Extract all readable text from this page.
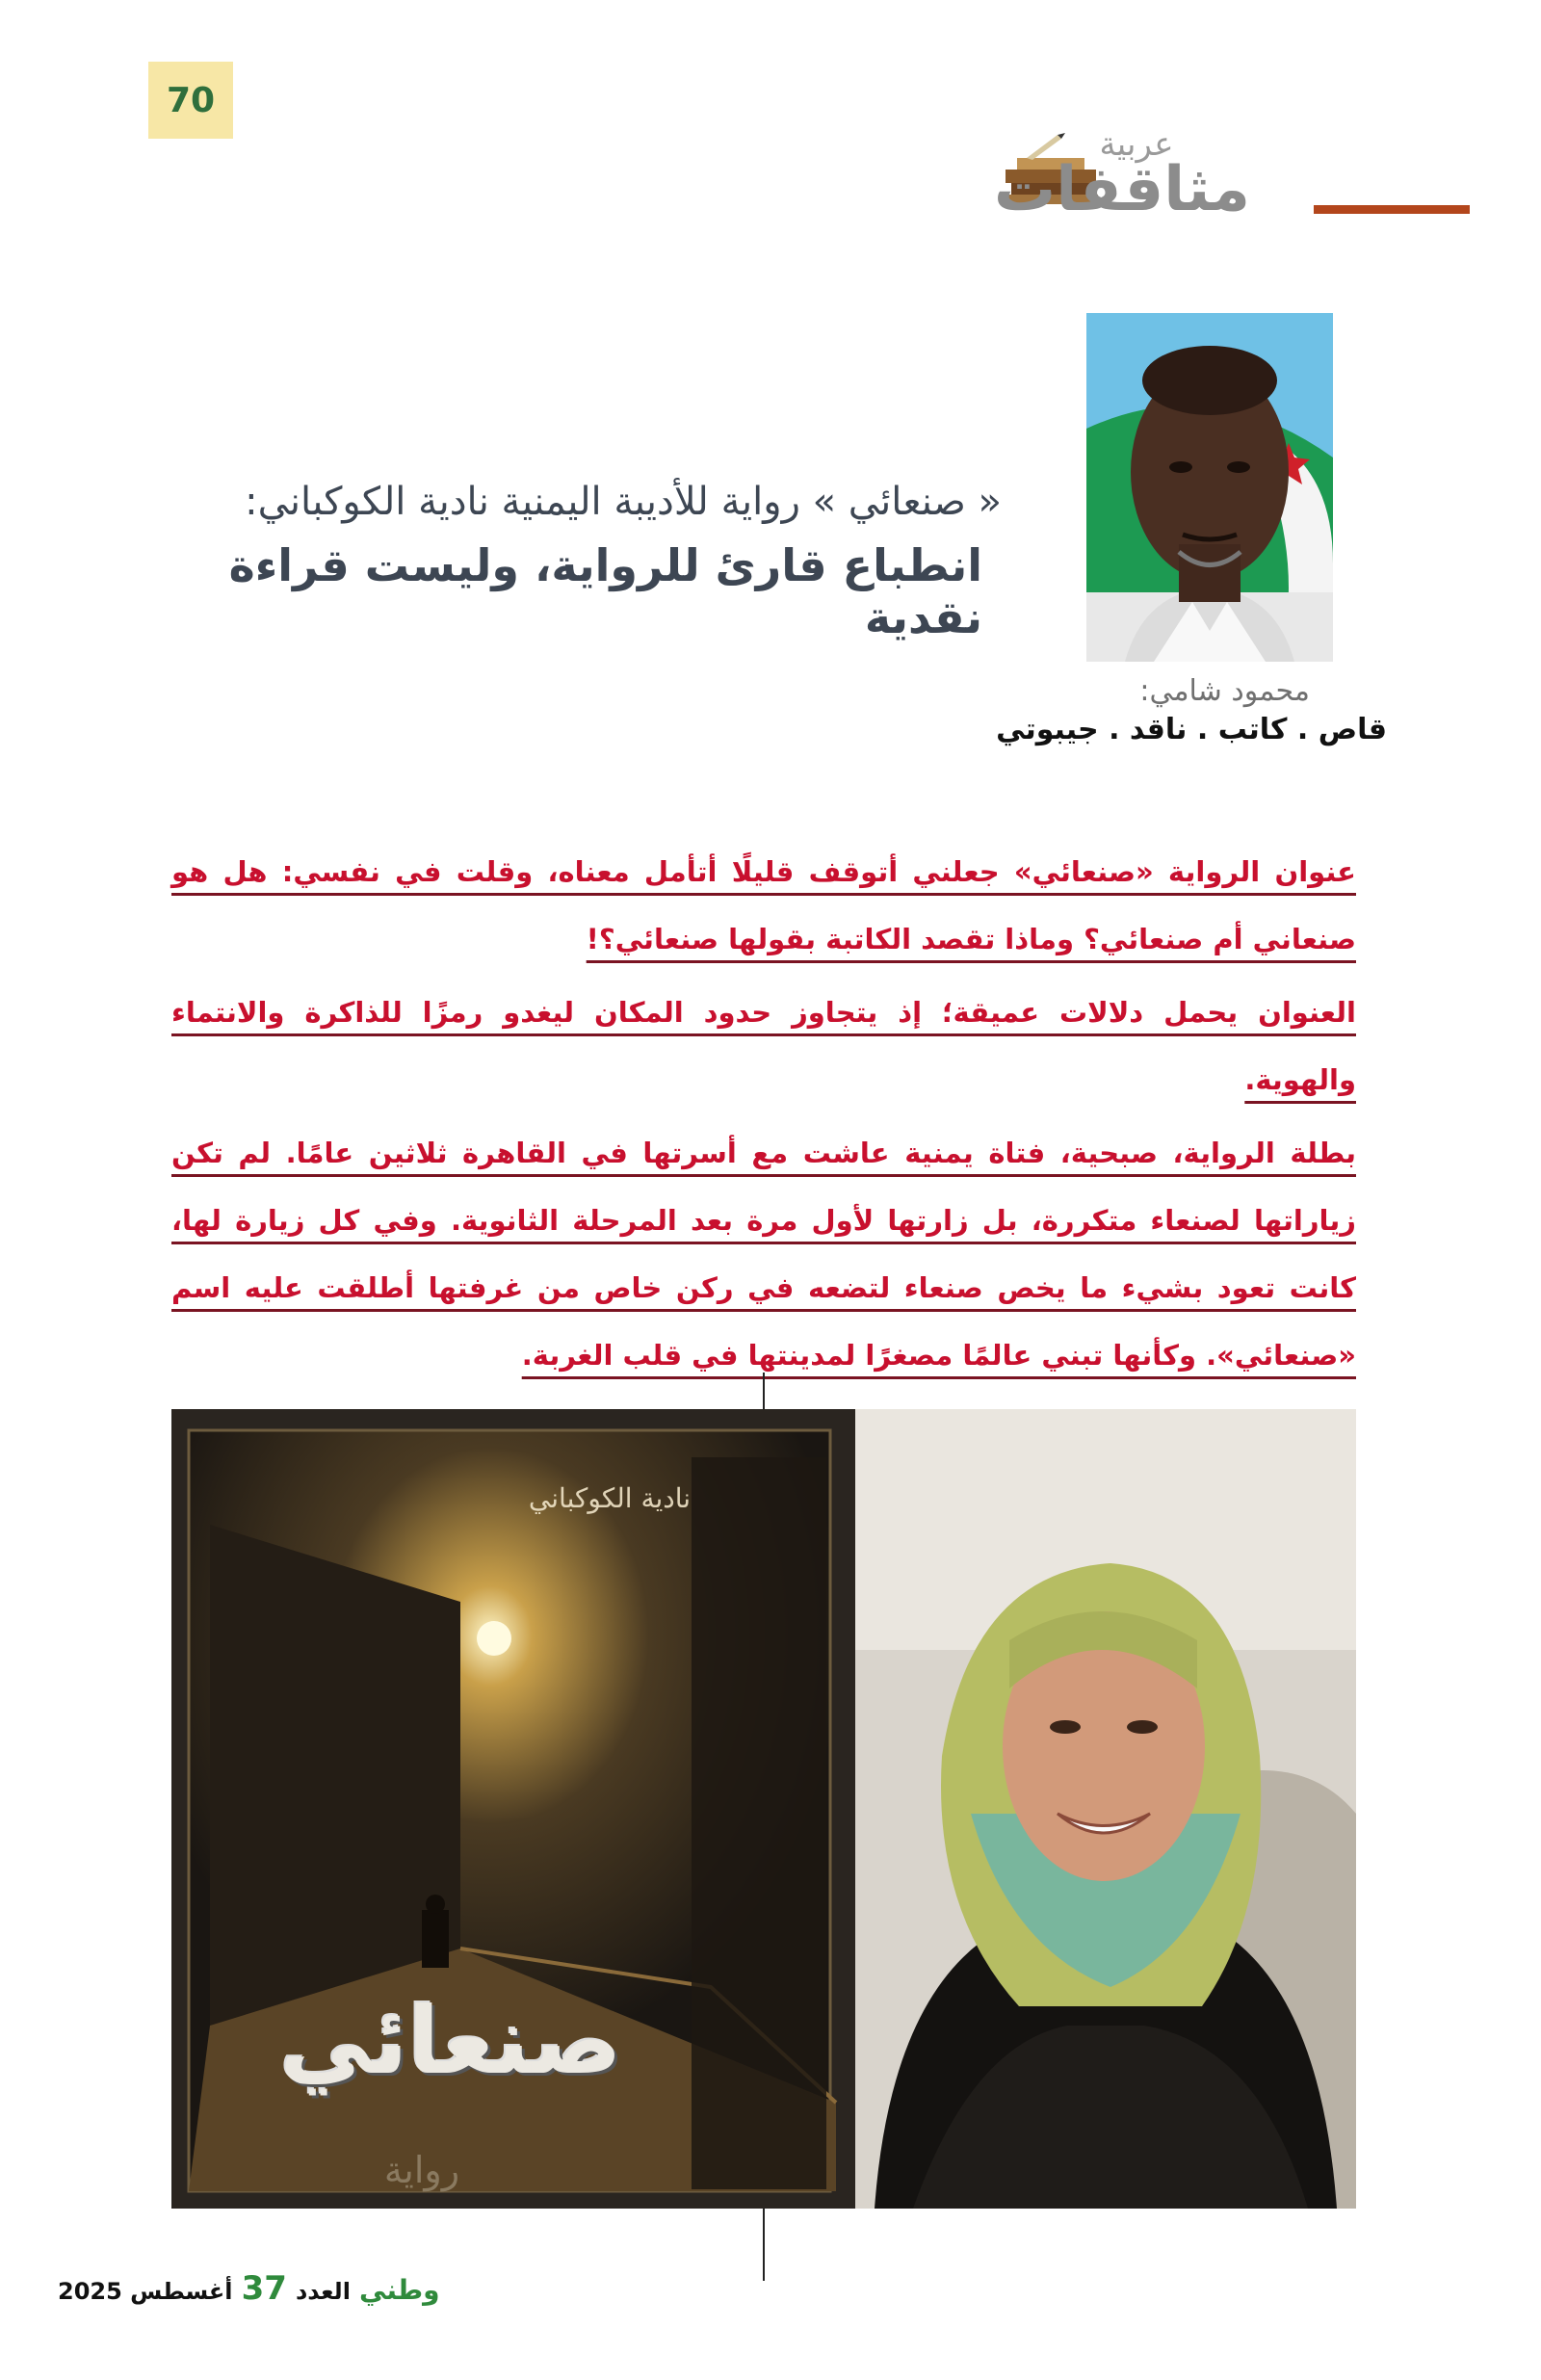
70
عربية
مثاقفات
« صنعائي » رواية للأديبة اليمنية نادية الكوكباني:
انطباع قارئ للرواية، وليست قراءة نقدية
محمود شامي:
قاص . كاتب . ناقد . جيبوتي

عنوان الرواية «صنعائي» جعلني أتوقف قليلًا أتأمل معناه، وقلت في نفسي: هل هو صنعاني أم صنعائي؟ وماذا تقصد الكاتبة بقولها صنعائي؟!

العنوان يحمل دلالات عميقة؛ إذ يتجاوز حدود المكان ليغدو رمزًا للذاكرة والانتماء والهوية.

بطلة الرواية، صبحية، فتاة يمنية عاشت مع أسرتها في القاهرة ثلاثين عامًا. لم تكن زياراتها لصنعاء متكررة، بل زارتها لأول مرة بعد المرحلة الثانوية. وفي كل زيارة لها، كانت تعود بشيء ما يخص صنعاء لتضعه في ركن خاص من غرفتها أطلقت عليه اسم «صنعائي». وكأنها تبني عالمًا مصغرًا لمدينتها في قلب الغربة.

نادية الكوكباني
صنعائي
رواية
وطني العدد 37 أغسطس 2025
